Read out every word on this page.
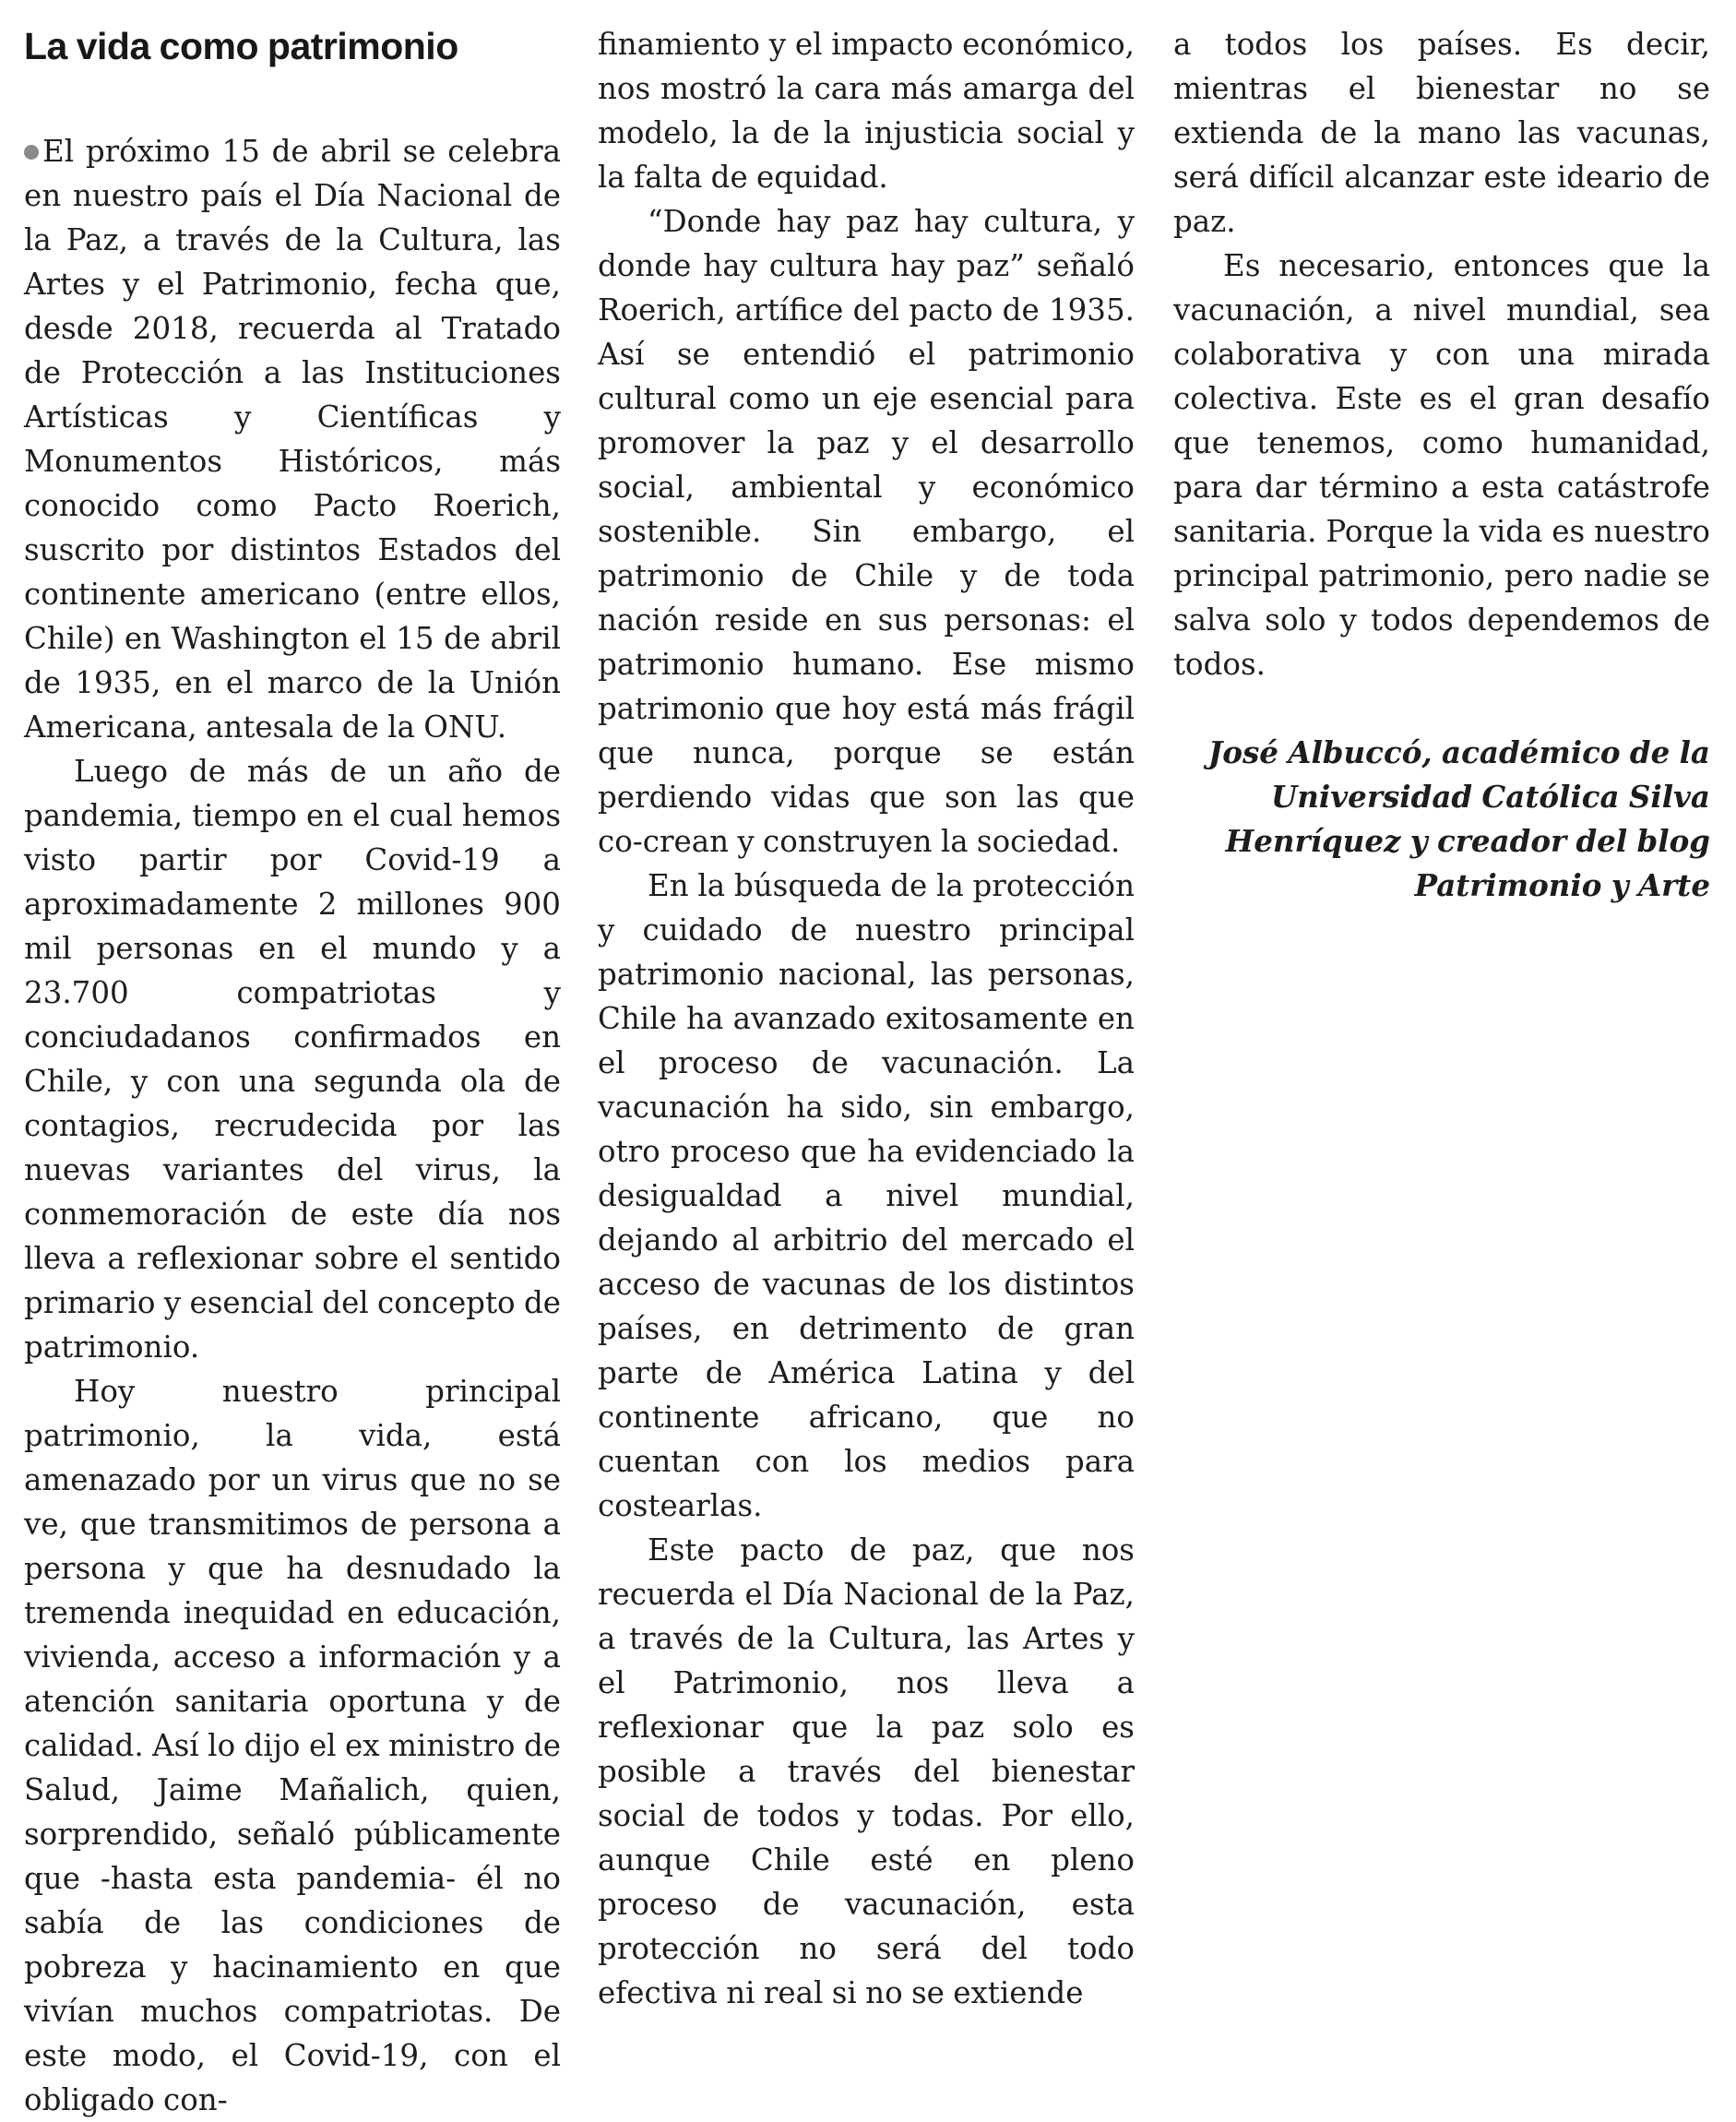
La vida como patrimonio

El próximo 15 de abril se celebra en nuestro país el Día Nacional de la Paz, a través de la Cultura, las Artes y el Patrimonio, fecha que, desde 2018, recuerda al Tratado de Protección a las Instituciones Artísticas y Científicas y Monumentos Históricos, más conocido como Pacto Roerich, suscrito por distintos Estados del continente americano (entre ellos, Chile) en Washington el 15 de abril de 1935, en el marco de la Unión Americana, antesala de la ONU.

Luego de más de un año de pandemia, tiempo en el cual hemos visto partir por Covid-19 a aproximadamente 2 millones 900 mil personas en el mundo y a 23.700 compatriotas y conciudadanos confirmados en Chile, y con una segunda ola de contagios, recrudecida por las nuevas variantes del virus, la conmemoración de este día nos lleva a reflexionar sobre el sentido primario y esencial del concepto de patrimonio.

Hoy nuestro principal patrimonio, la vida, está amenazado por un virus que no se ve, que transmitimos de persona a persona y que ha desnudado la tremenda inequidad en educación, vivienda, acceso a información y a atención sanitaria oportuna y de calidad. Así lo dijo el ex ministro de Salud, Jaime Mañalich, quien, sorprendido, señaló públicamente que -hasta esta pandemia- él no sabía de las condiciones de pobreza y hacinamiento en que vivían muchos compatriotas. De este modo, el Covid-19, con el obligado con-

finamiento y el impacto económico, nos mostró la cara más amarga del modelo, la de la injusticia social y la falta de equidad.

“Donde hay paz hay cultura, y donde hay cultura hay paz” señaló Roerich, artífice del pacto de 1935. Así se entendió el patrimonio cultural como un eje esencial para promover la paz y el desarrollo social, ambiental y económico sostenible. Sin embargo, el patrimonio de Chile y de toda nación reside en sus personas: el patrimonio humano. Ese mismo patrimonio que hoy está más frágil que nunca, porque se están perdiendo vidas que son las que co-crean y construyen la sociedad.

En la búsqueda de la protección y cuidado de nuestro principal patrimonio nacional, las personas, Chile ha avanzado exitosamente en el proceso de vacunación. La vacunación ha sido, sin embargo, otro proceso que ha evidenciado la desigualdad a nivel mundial, dejando al arbitrio del mercado el acceso de vacunas de los distintos países, en detrimento de gran parte de América Latina y del continente africano, que no cuentan con los medios para costearlas.

Este pacto de paz, que nos recuerda el Día Nacional de la Paz, a través de la Cultura, las Artes y el Patrimonio, nos lleva a reflexionar que la paz solo es posible a través del bienestar social de todos y todas. Por ello, aunque Chile esté en pleno proceso de vacunación, esta protección no será del todo efectiva ni real si no se extiende

a todos los países. Es decir, mientras el bienestar no se extienda de la mano las vacunas, será difícil alcanzar este ideario de paz.

Es necesario, entonces que la vacunación, a nivel mundial, sea colaborativa y con una mirada colectiva. Este es el gran desafío que tenemos, como humanidad, para dar término a esta catástrofe sanitaria. Porque la vida es nuestro principal patrimonio, pero nadie se salva solo y todos dependemos de todos.

José Albuccó, académico de la Universidad Católica Silva Henríquez y creador del blog Patrimonio y Arte
